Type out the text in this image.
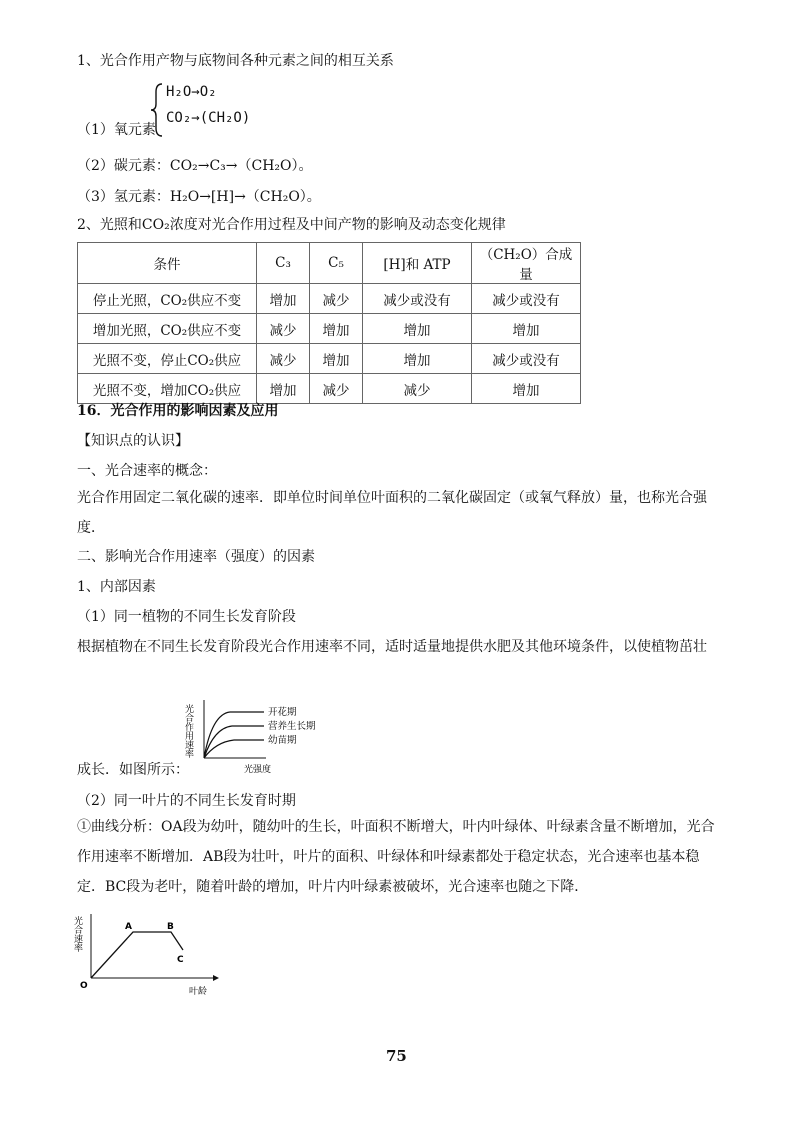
1、光合作用产物与底物间各种元素之间的相互关系
（1）氧元素
H₂O→O₂
CO₂→(CH₂O)
（2）碳元素：CO₂→C₃→（CH₂O）。
（3）氢元素：H₂O→[H]→（CH₂O）。
2、光照和CO₂浓度对光合作用过程及中间产物的影响及动态变化规律
条件	C₃	C₅	[H]和 ATP	（CH₂O）合成量
停止光照，CO₂供应不变	增加	减少	减少或没有	减少或没有
增加光照，CO₂供应不变	减少	增加	增加	增加
光照不变，停止CO₂供应	减少	增加	增加	减少或没有
光照不变，增加CO₂供应	增加	减少	减少	增加
16．光合作用的影响因素及应用
【知识点的认识】
一、光合速率的概念：
光合作用固定二氧化碳的速率．即单位时间单位叶面积的二氧化碳固定（或氧气释放）量，也称光合强度．
二、影响光合作用速率（强度）的因素
1、内部因素
（1）同一植物的不同生长发育阶段
根据植物在不同生长发育阶段光合作用速率不同，适时适量地提供水肥及其他环境条件，以使植物茁壮
光合作用速率	开花期
营养生长期
幼苗期
光强度
成长．如图所示：
（2）同一叶片的不同生长发育时期
①曲线分析：OA段为幼叶，随幼叶的生长，叶面积不断增大，叶内叶绿体、叶绿素含量不断增加，光合作用速率不断增加．AB段为壮叶，叶片的面积、叶绿体和叶绿素都处于稳定状态，光合速率也基本稳定．BC段为老叶，随着叶龄的增加，叶片内叶绿素被破坏，光合速率也随之下降．
光合速率
O
A	B
C
叶龄
75
